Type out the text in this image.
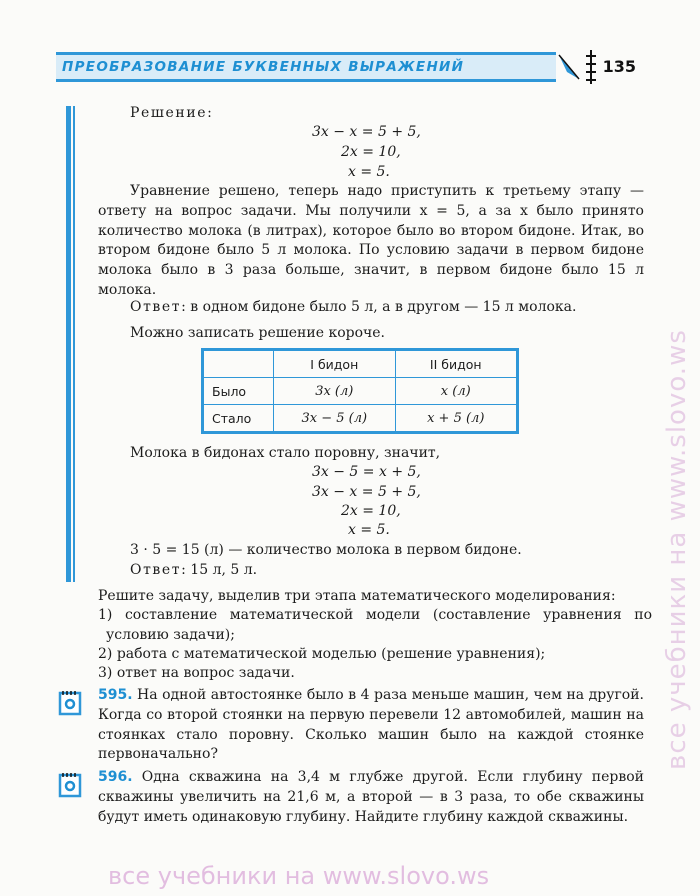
ПРЕОБРАЗОВАНИЕ БУКВЕННЫХ ВЫРАЖЕНИЙ	135
Решение:
3x − x = 5 + 5,
2x = 10,
x = 5.
Уравнение решено, теперь надо приступить к третьему этапу — ответу на вопрос задачи. Мы получили x = 5, а за x было принято количество молока (в литрах), которое было во втором бидоне. Итак, во втором бидоне было 5 л молока. По условию задачи в первом бидоне молока было в 3 раза больше, значит, в первом бидоне было 15 л молока.
Ответ: в одном бидоне было 5 л, а в другом — 15 л молока.
Можно записать решение короче.
	I бидон	II бидон
Было	3x (л)	x (л)
Стало	3x − 5 (л)	x + 5 (л)
Молока в бидонах стало поровну, значит,
3x − 5 = x + 5,
3x − x = 5 + 5,
2x = 10,
x = 5.
3 · 5 = 15 (л) — количество молока в первом бидоне.
Ответ: 15 л, 5 л.
Решите задачу, выделив три этапа математического моделирования:
1) составление математической модели (составление уравнения по условию задачи);
2) работа с математической моделью (решение уравнения);
3) ответ на вопрос задачи.
595. На одной автостоянке было в 4 раза меньше машин, чем на другой. Когда со второй стоянки на первую перевели 12 автомобилей, машин на стоянках стало поровну. Сколько машин было на каждой стоянке первоначально?
596. Одна скважина на 3,4 м глубже другой. Если глубину первой скважины увеличить на 21,6 м, а второй — в 3 раза, то обе скважины будут иметь одинаковую глубину. Найдите глубину каждой скважины.
все учебники на www.slovo.ws
все учебники на www.slovo.ws
